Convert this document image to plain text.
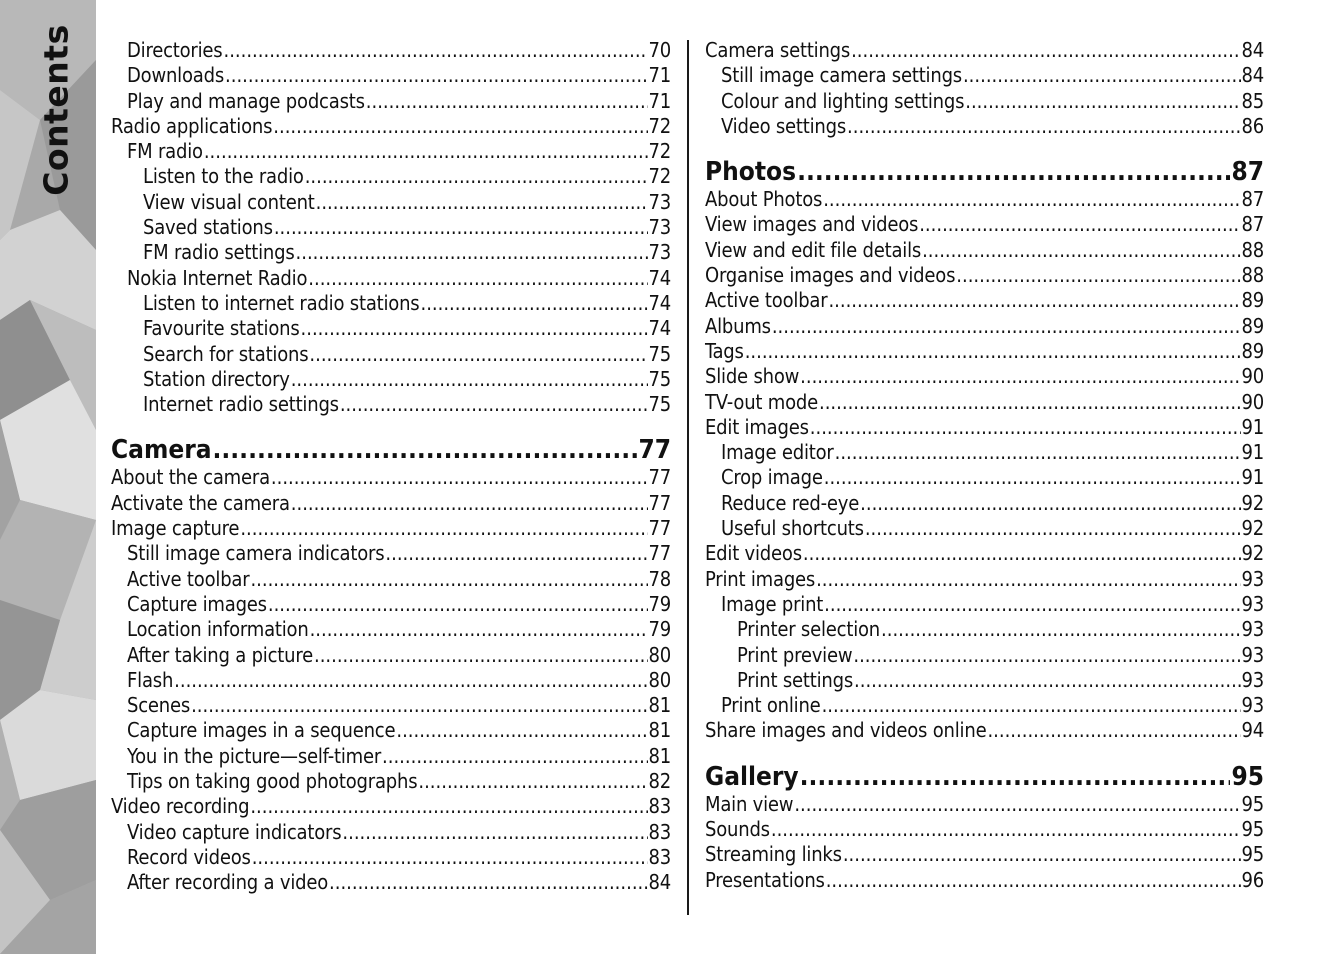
Contents	Directories .....	70
Downloads .....	71
Play and manage podcasts .....	71
Radio applications .....	72
FM radio .....	72
Listen to the radio .....	72
View visual content .....	73
Saved stations .....	73
FM radio settings .....	73
Nokia Internet Radio .....	74
Listen to internet radio stations .....	74
Favourite stations .....	74
Search for stations .....	75
Station directory .....	75
Internet radio settings .....	75
Camera .....	77
About the camera .....	77
Activate the camera .....	77
Image capture .....	77
Still image camera indicators .....	77
Active toolbar .....	78
Capture images .....	79
Location information .....	79
After taking a picture .....	80
Flash .....	80
Scenes .....	81
Capture images in a sequence .....	81
You in the picture—self-timer .....	81
Tips on taking good photographs .....	82
Video recording .....	83
Video capture indicators .....	83
Record videos .....	83
After recording a video .....	84
Camera settings .....	84
Still image camera settings .....	84
Colour and lighting settings .....	85
Video settings .....	86
Photos .....	87
About Photos .....	87
View images and videos .....	87
View and edit file details .....	88
Organise images and videos .....	88
Active toolbar .....	89
Albums .....	89
Tags .....	89
Slide show .....	90
TV-out mode .....	90
Edit images .....	91
Image editor .....	91
Crop image .....	91
Reduce red-eye .....	92
Useful shortcuts .....	92
Edit videos .....	92
Print images .....	93
Image print .....	93
Printer selection .....	93
Print preview .....	93
Print settings .....	93
Print online .....	93
Share images and videos online .....	94
Gallery .....	95
Main view .....	95
Sounds .....	95
Streaming links .....	95
Presentations .....	96
